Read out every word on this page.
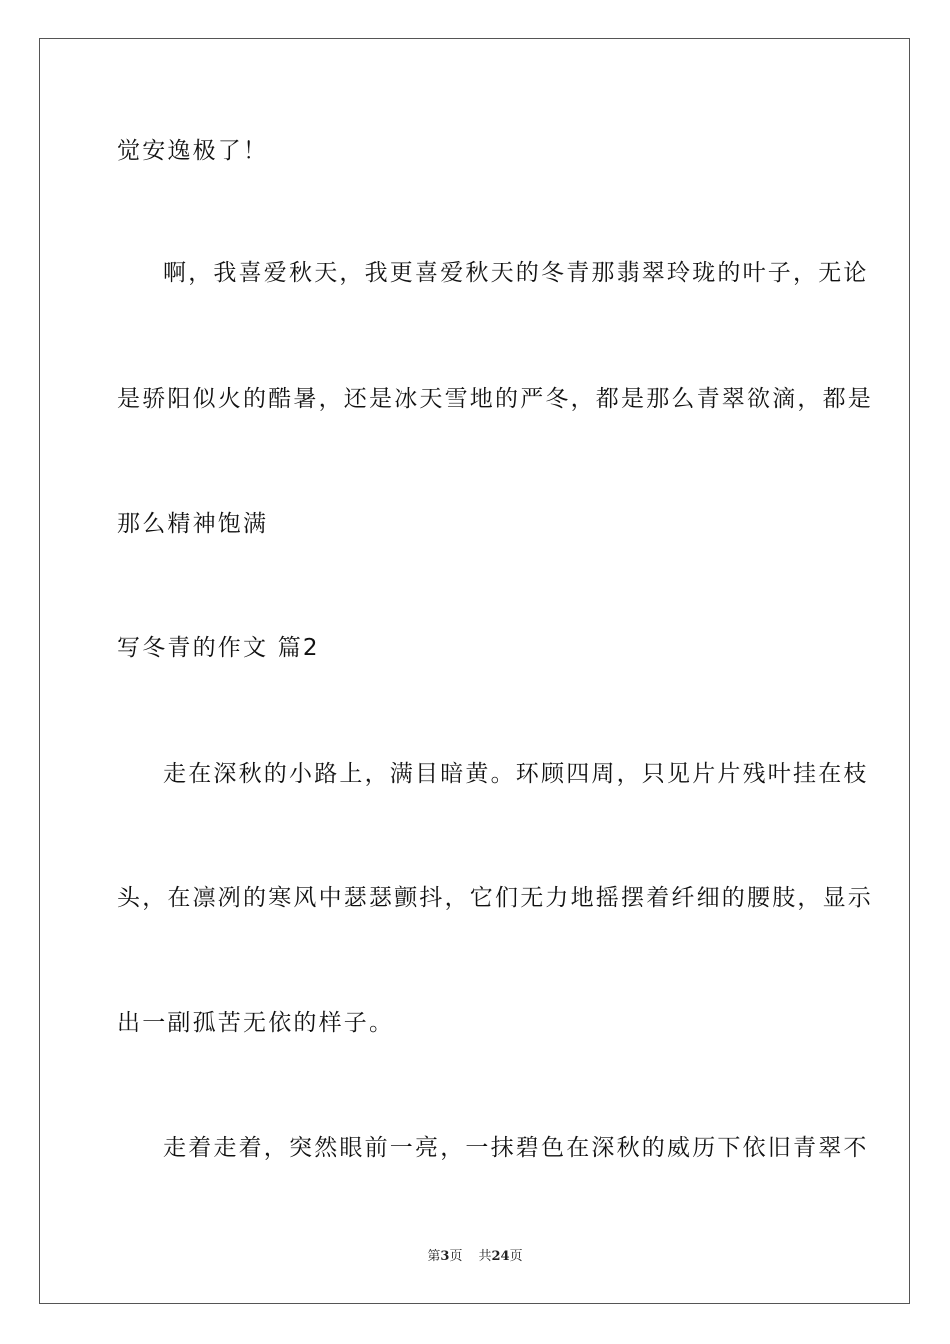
觉安逸极了！

啊，我喜爱秋天，我更喜爱秋天的冬青那翡翠玲珑的叶子，无论

是骄阳似火的酷暑，还是冰天雪地的严冬，都是那么青翠欲滴，都是

那么精神饱满

写冬青的作文 篇2

走在深秋的小路上，满目暗黄。环顾四周，只见片片残叶挂在枝

头，在凛冽的寒风中瑟瑟颤抖，它们无力地摇摆着纤细的腰肢，显示

出一副孤苦无依的样子。

走着走着，突然眼前一亮，一抹碧色在深秋的威历下依旧青翠不

第3页 共24页
